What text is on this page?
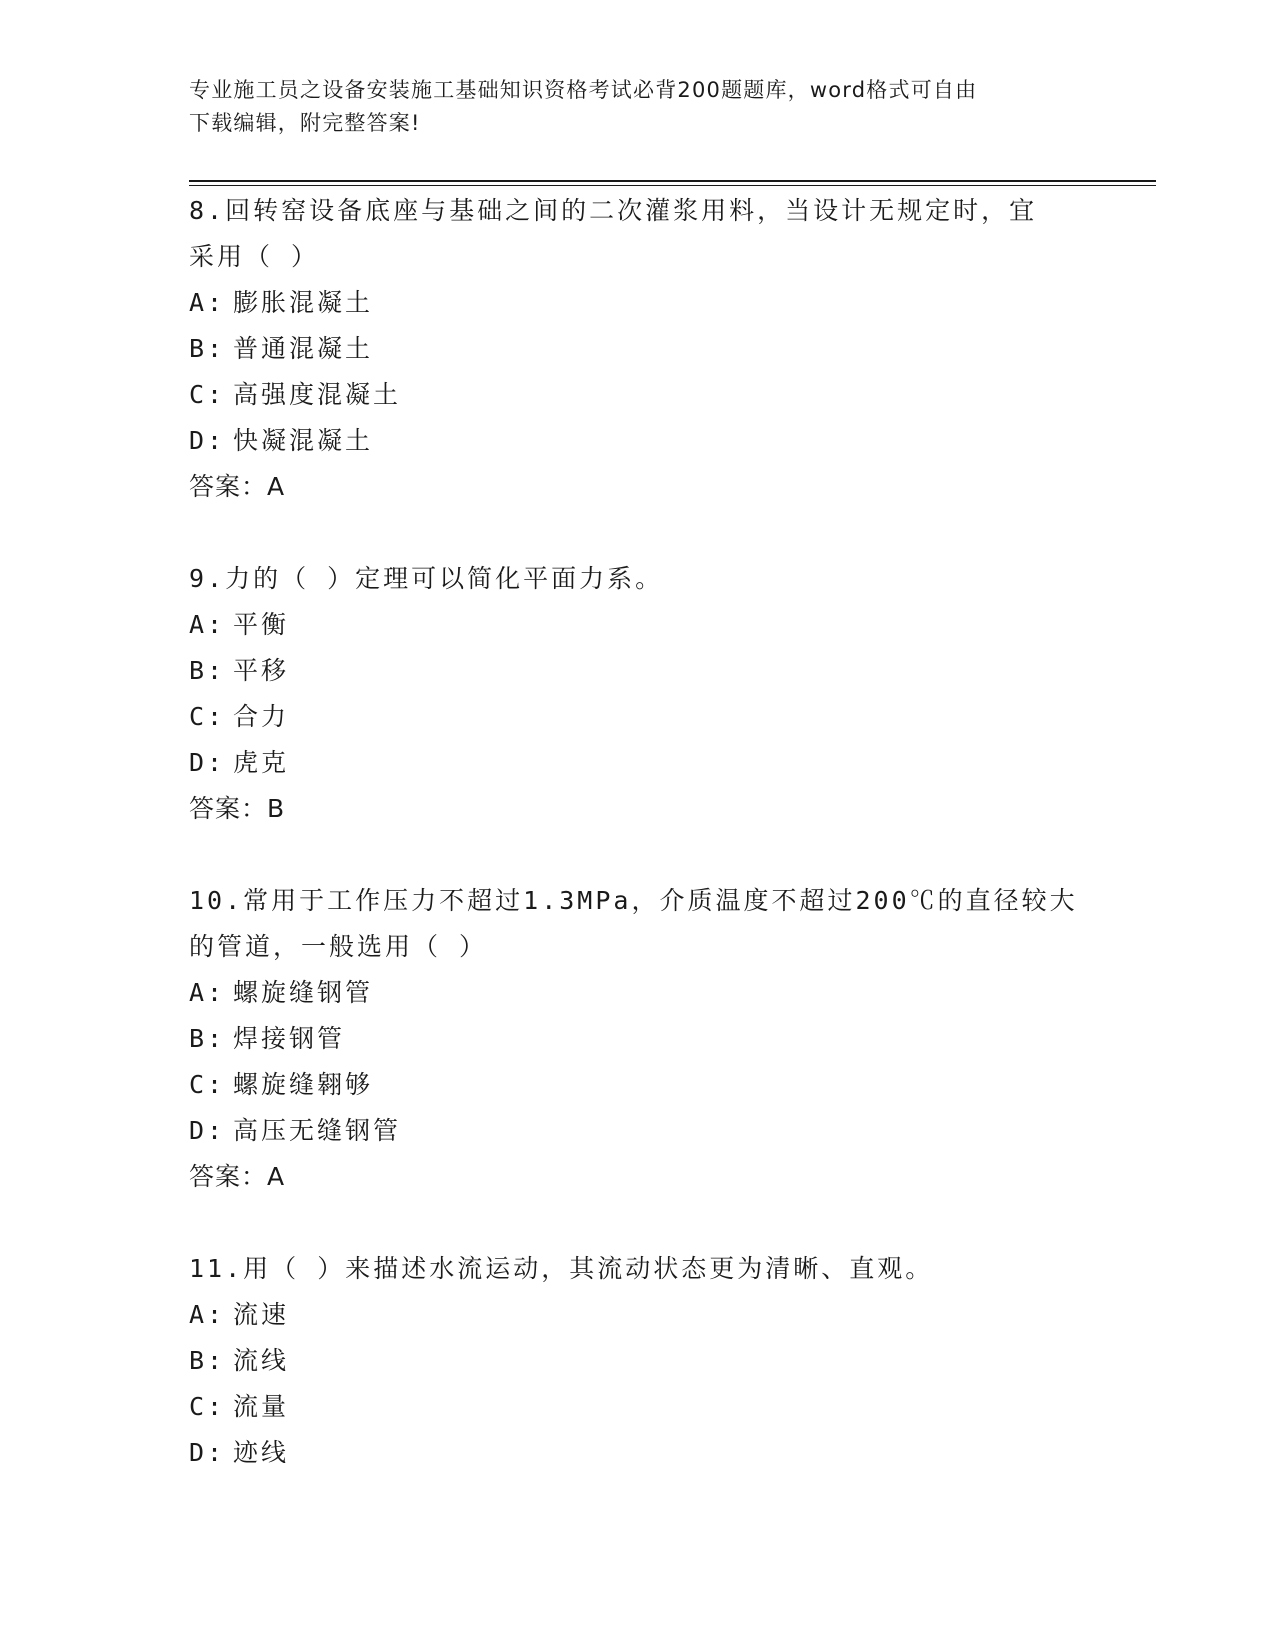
专业施工员之设备安装施工基础知识资格考试必背200题题库，word格式可自由
下载编辑，附完整答案!
8.回转窑设备底座与基础之间的二次灌浆用料，当设计无规定时，宜
采用（ ）
A: 膨胀混凝土
B: 普通混凝土
C: 高强度混凝土
D: 快凝混凝土
答案：A
9.力的（ ）定理可以简化平面力系。
A: 平衡
B: 平移
C: 合力
D: 虎克
答案：B
10.常用于工作压力不超过1.3MPa，介质温度不超过200℃的直径较大
的管道，一般选用（ ）
A: 螺旋缝钢管
B: 焊接钢管
C: 螺旋缝翱够
D: 高压无缝钢管
答案：A
11.用（ ）来描述水流运动，其流动状态更为清晰、直观。
A: 流速
B: 流线
C: 流量
D: 迹线
